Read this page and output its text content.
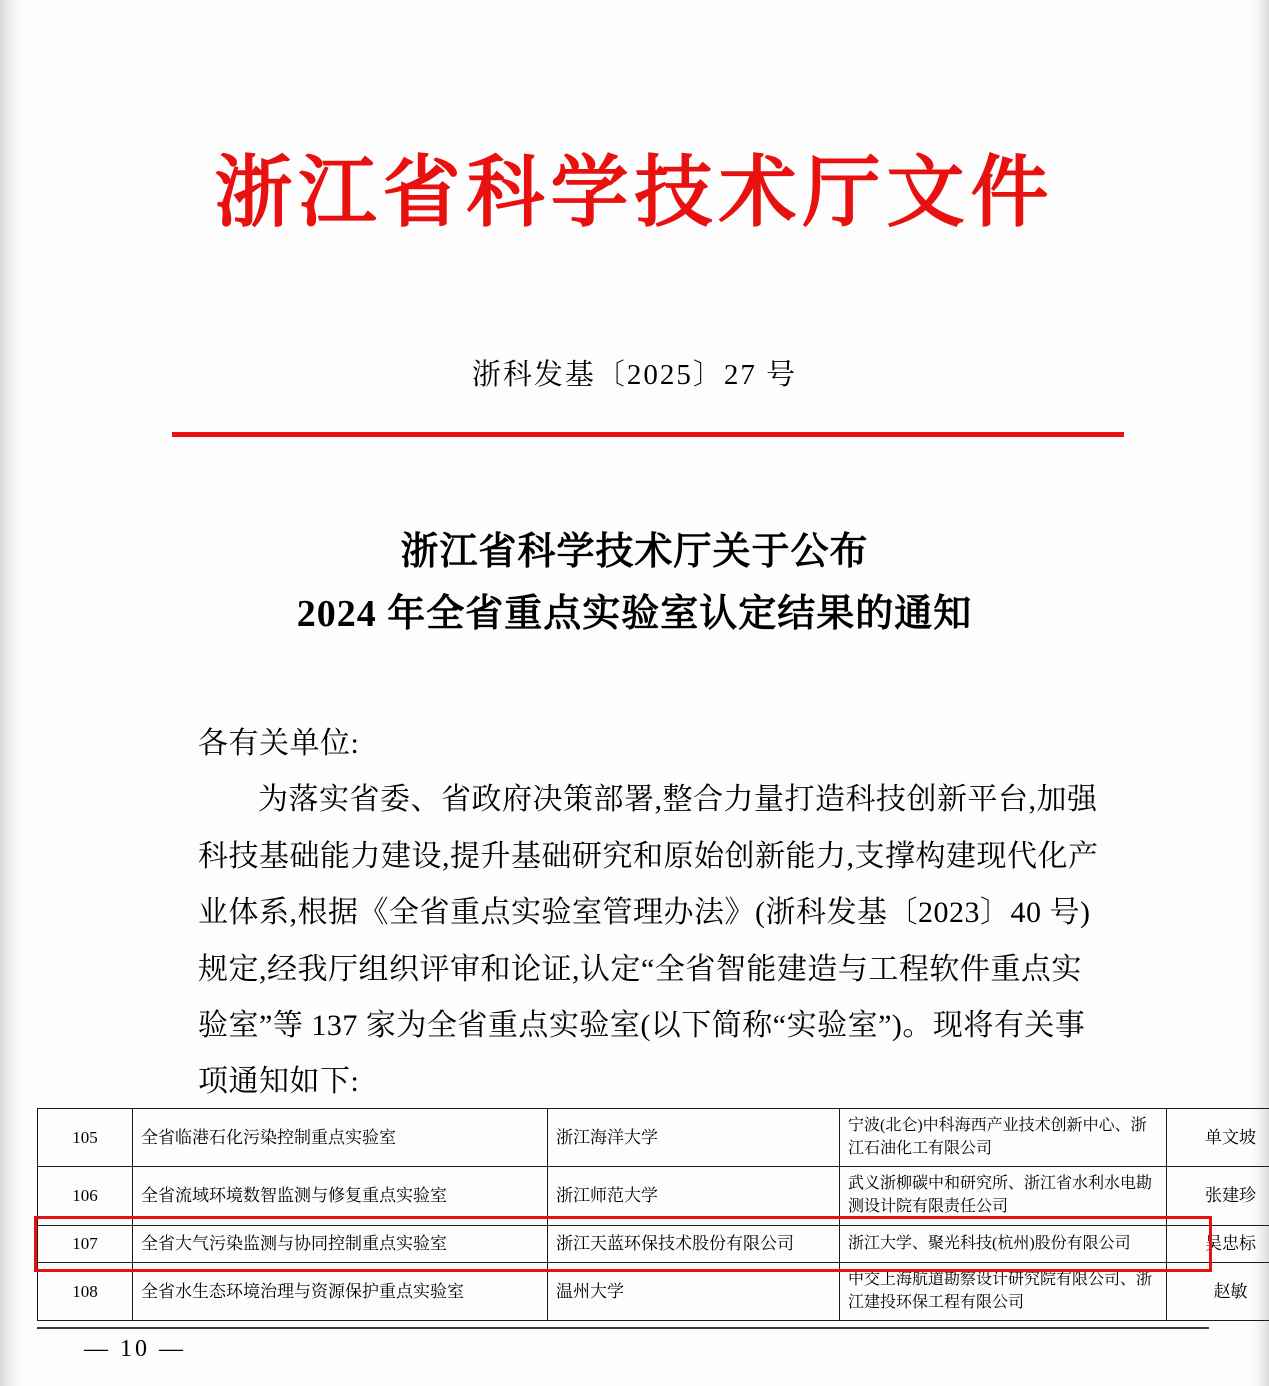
浙江省科学技术厅文件
浙科发基〔2025〕27 号
浙江省科学技术厅关于公布
2024 年全省重点实验室认定结果的通知

各有关单位:

为落实省委、省政府决策部署,整合力量打造科技创新平台,加强科技基础能力建设,提升基础研究和原始创新能力,支撑构建现代化产业体系,根据《全省重点实验室管理办法》(浙科发基〔2023〕40 号)规定,经我厅组织评审和论证,认定“全省智能建造与工程软件重点实验室”等 137 家为全省重点实验室(以下简称“实验室”)。现将有关事项通知如下:

105	全省临港石化污染控制重点实验室	浙江海洋大学	宁波(北仑)中科海西产业技术创新中心、浙江石油化工有限公司	单文坡
106	全省流域环境数智监测与修复重点实验室	浙江师范大学	武义浙柳碳中和研究所、浙江省水利水电勘测设计院有限责任公司	张建珍
107	全省大气污染监测与协同控制重点实验室	浙江天蓝环保技术股份有限公司	浙江大学、聚光科技(杭州)股份有限公司	吴忠标
108	全省水生态环境治理与资源保护重点实验室	温州大学	中交上海航道勘察设计研究院有限公司、浙江建投环保工程有限公司	赵敏
— 10 —
